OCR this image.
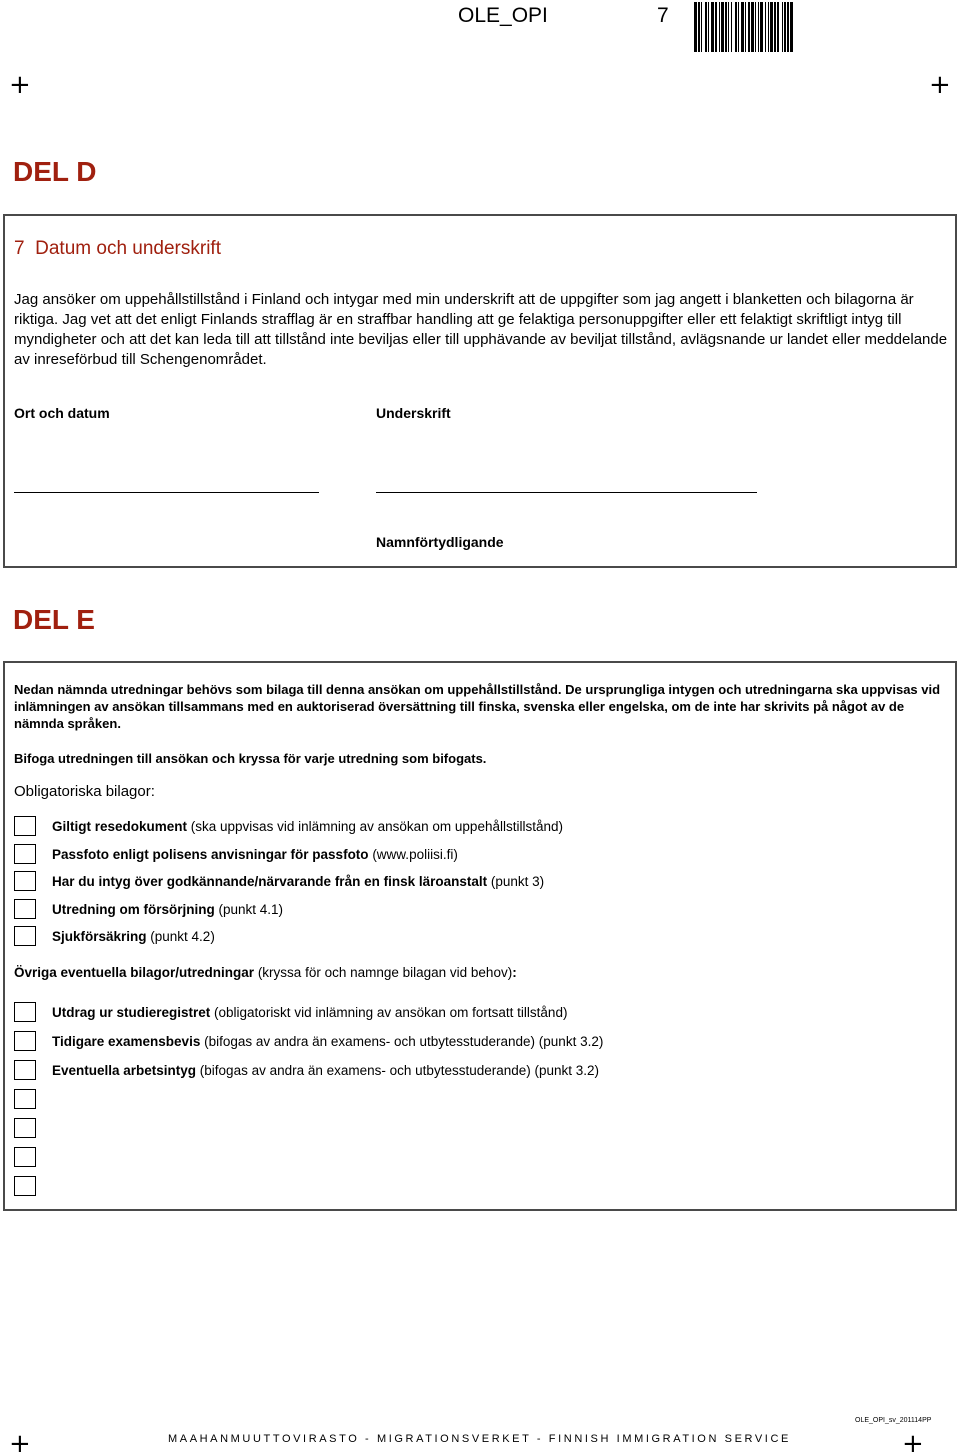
OLE_OPI	7
+	+
+	+
DEL D
7 Datum och underskrift
Jag ansöker om uppehållstillstånd i Finland och intygar med min underskrift att de uppgifter som jag angett i blanketten och bilagorna är riktiga. Jag vet att det enligt Finlands strafflag är en straffbar handling att ge felaktiga personuppgifter eller ett felaktigt skriftligt intyg till myndigheter och att det kan leda till att tillstånd inte beviljas eller till upphävande av beviljat tillstånd, avlägsnande ur landet eller meddelande av inreseförbud till Schengenområdet.
Ort och datum	Underskrift
Namnförtydligande
DEL E
Nedan nämnda utredningar behövs som bilaga till denna ansökan om uppehållstillstånd. De ursprungliga intygen och utredningarna ska uppvisas vid inlämningen av ansökan tillsammans med en auktoriserad översättning till finska, svenska eller engelska, om de inte har skrivits på något av de nämnda språken.
Bifoga utredningen till ansökan och kryssa för varje utredning som bifogats.
Obligatoriska bilagor:
Giltigt resedokument (ska uppvisas vid inlämning av ansökan om uppehållstillstånd)
Passfoto enligt polisens anvisningar för passfoto (www.poliisi.fi)
Har du intyg över godkännande/närvarande från en finsk läroanstalt (punkt 3)
Utredning om försörjning (punkt 4.1)
Sjukförsäkring (punkt 4.2)
Övriga eventuella bilagor/utredningar (kryssa för och namnge bilagan vid behov):
Utdrag ur studieregistret (obligatoriskt vid inlämning av ansökan om fortsatt tillstånd)
Tidigare examensbevis (bifogas av andra än examens- och utbytesstuderande) (punkt 3.2)
Eventuella arbetsintyg (bifogas av andra än examens- och utbytesstuderande) (punkt 3.2)
OLE_OPI_sv_201114PP
MAAHANMUUTTOVIRASTO - MIGRATIONSVERKET - FINNISH IMMIGRATION SERVICE
